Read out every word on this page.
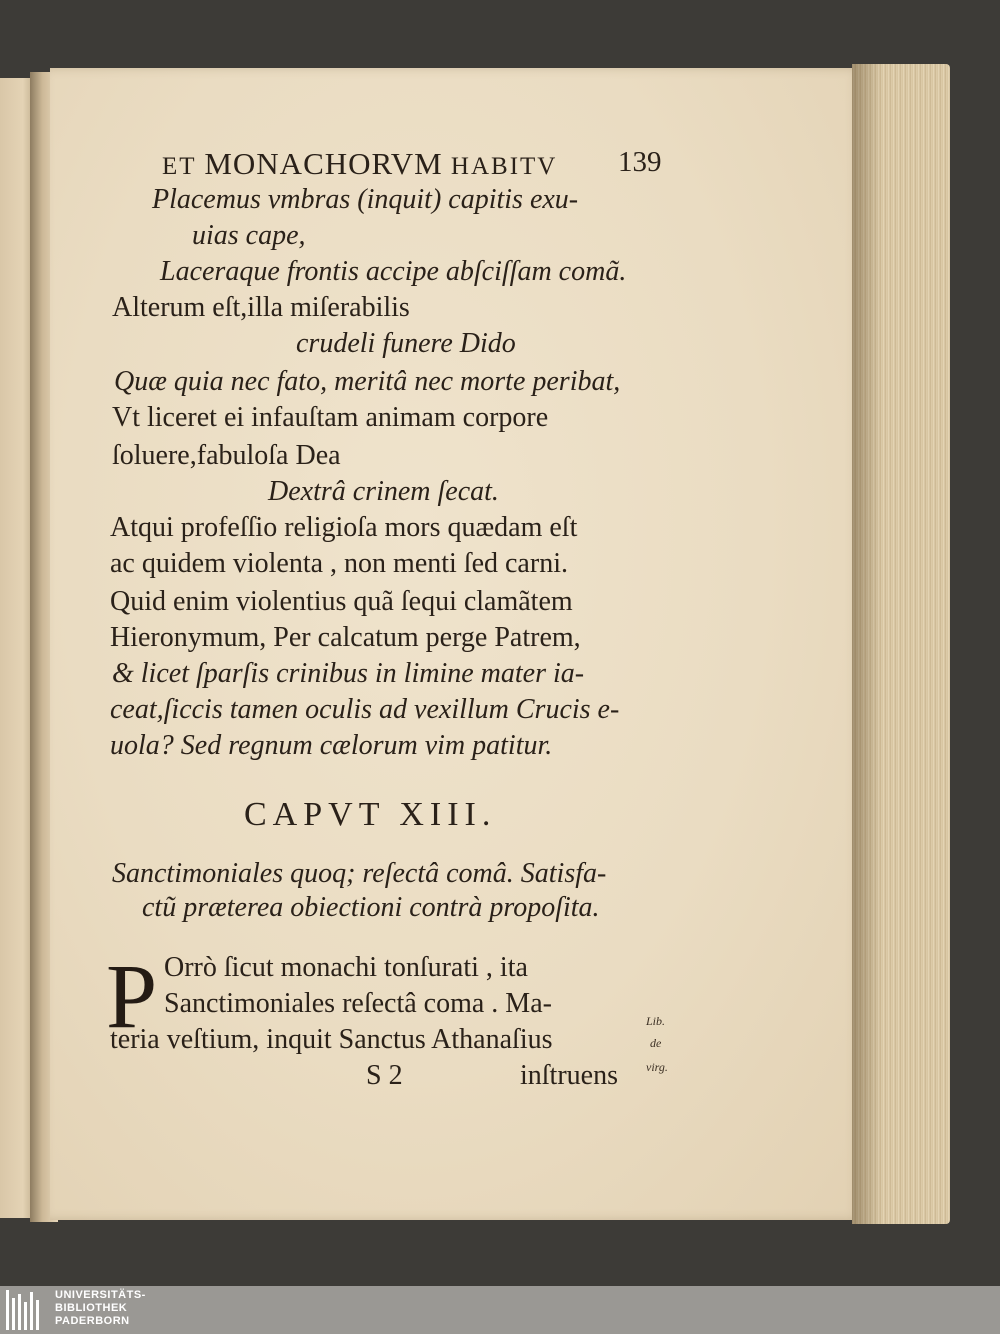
ET MONACHORVM HABITV 139
Placemus vmbras (inquit) capitis exu-
uias cape,
Laceraque frontis accipe abſciſſam comã.
Alterum eſt,illa miſerabilis
crudeli funere Dido
Quæ quia nec fato, meritâ nec morte peribat,
Vt liceret ei infauſtam animam corpore
ſoluere,fabuloſa Dea
Dextrâ crinem ſecat.
Atqui profeſſio religioſa mors quædam eſt
ac quidem violenta , non menti ſed carni.
Quid enim violentius quã ſequi clamãtem
Hieronymum, Per calcatum perge Patrem,
& licet ſparſis crinibus in limine mater ia-
ceat,ſiccis tamen oculis ad vexillum Crucis e-
uola? Sed regnum cælorum vim patitur.
CAPVT XIII.
Sanctimoniales quoq; reſectâ comâ. Satisfa-
ctũ præterea obiectioni contrà propoſita.
P Orrò ſicut monachi tonſurati , ita
Sanctimoniales reſectâ coma . Ma-
teria veſtium, inquit Sanctus Athanaſius
S 2	inſtruens
Lib.
de
virg.
UNIVERSITÄTS-
BIBLIOTHEK
PADERBORN
